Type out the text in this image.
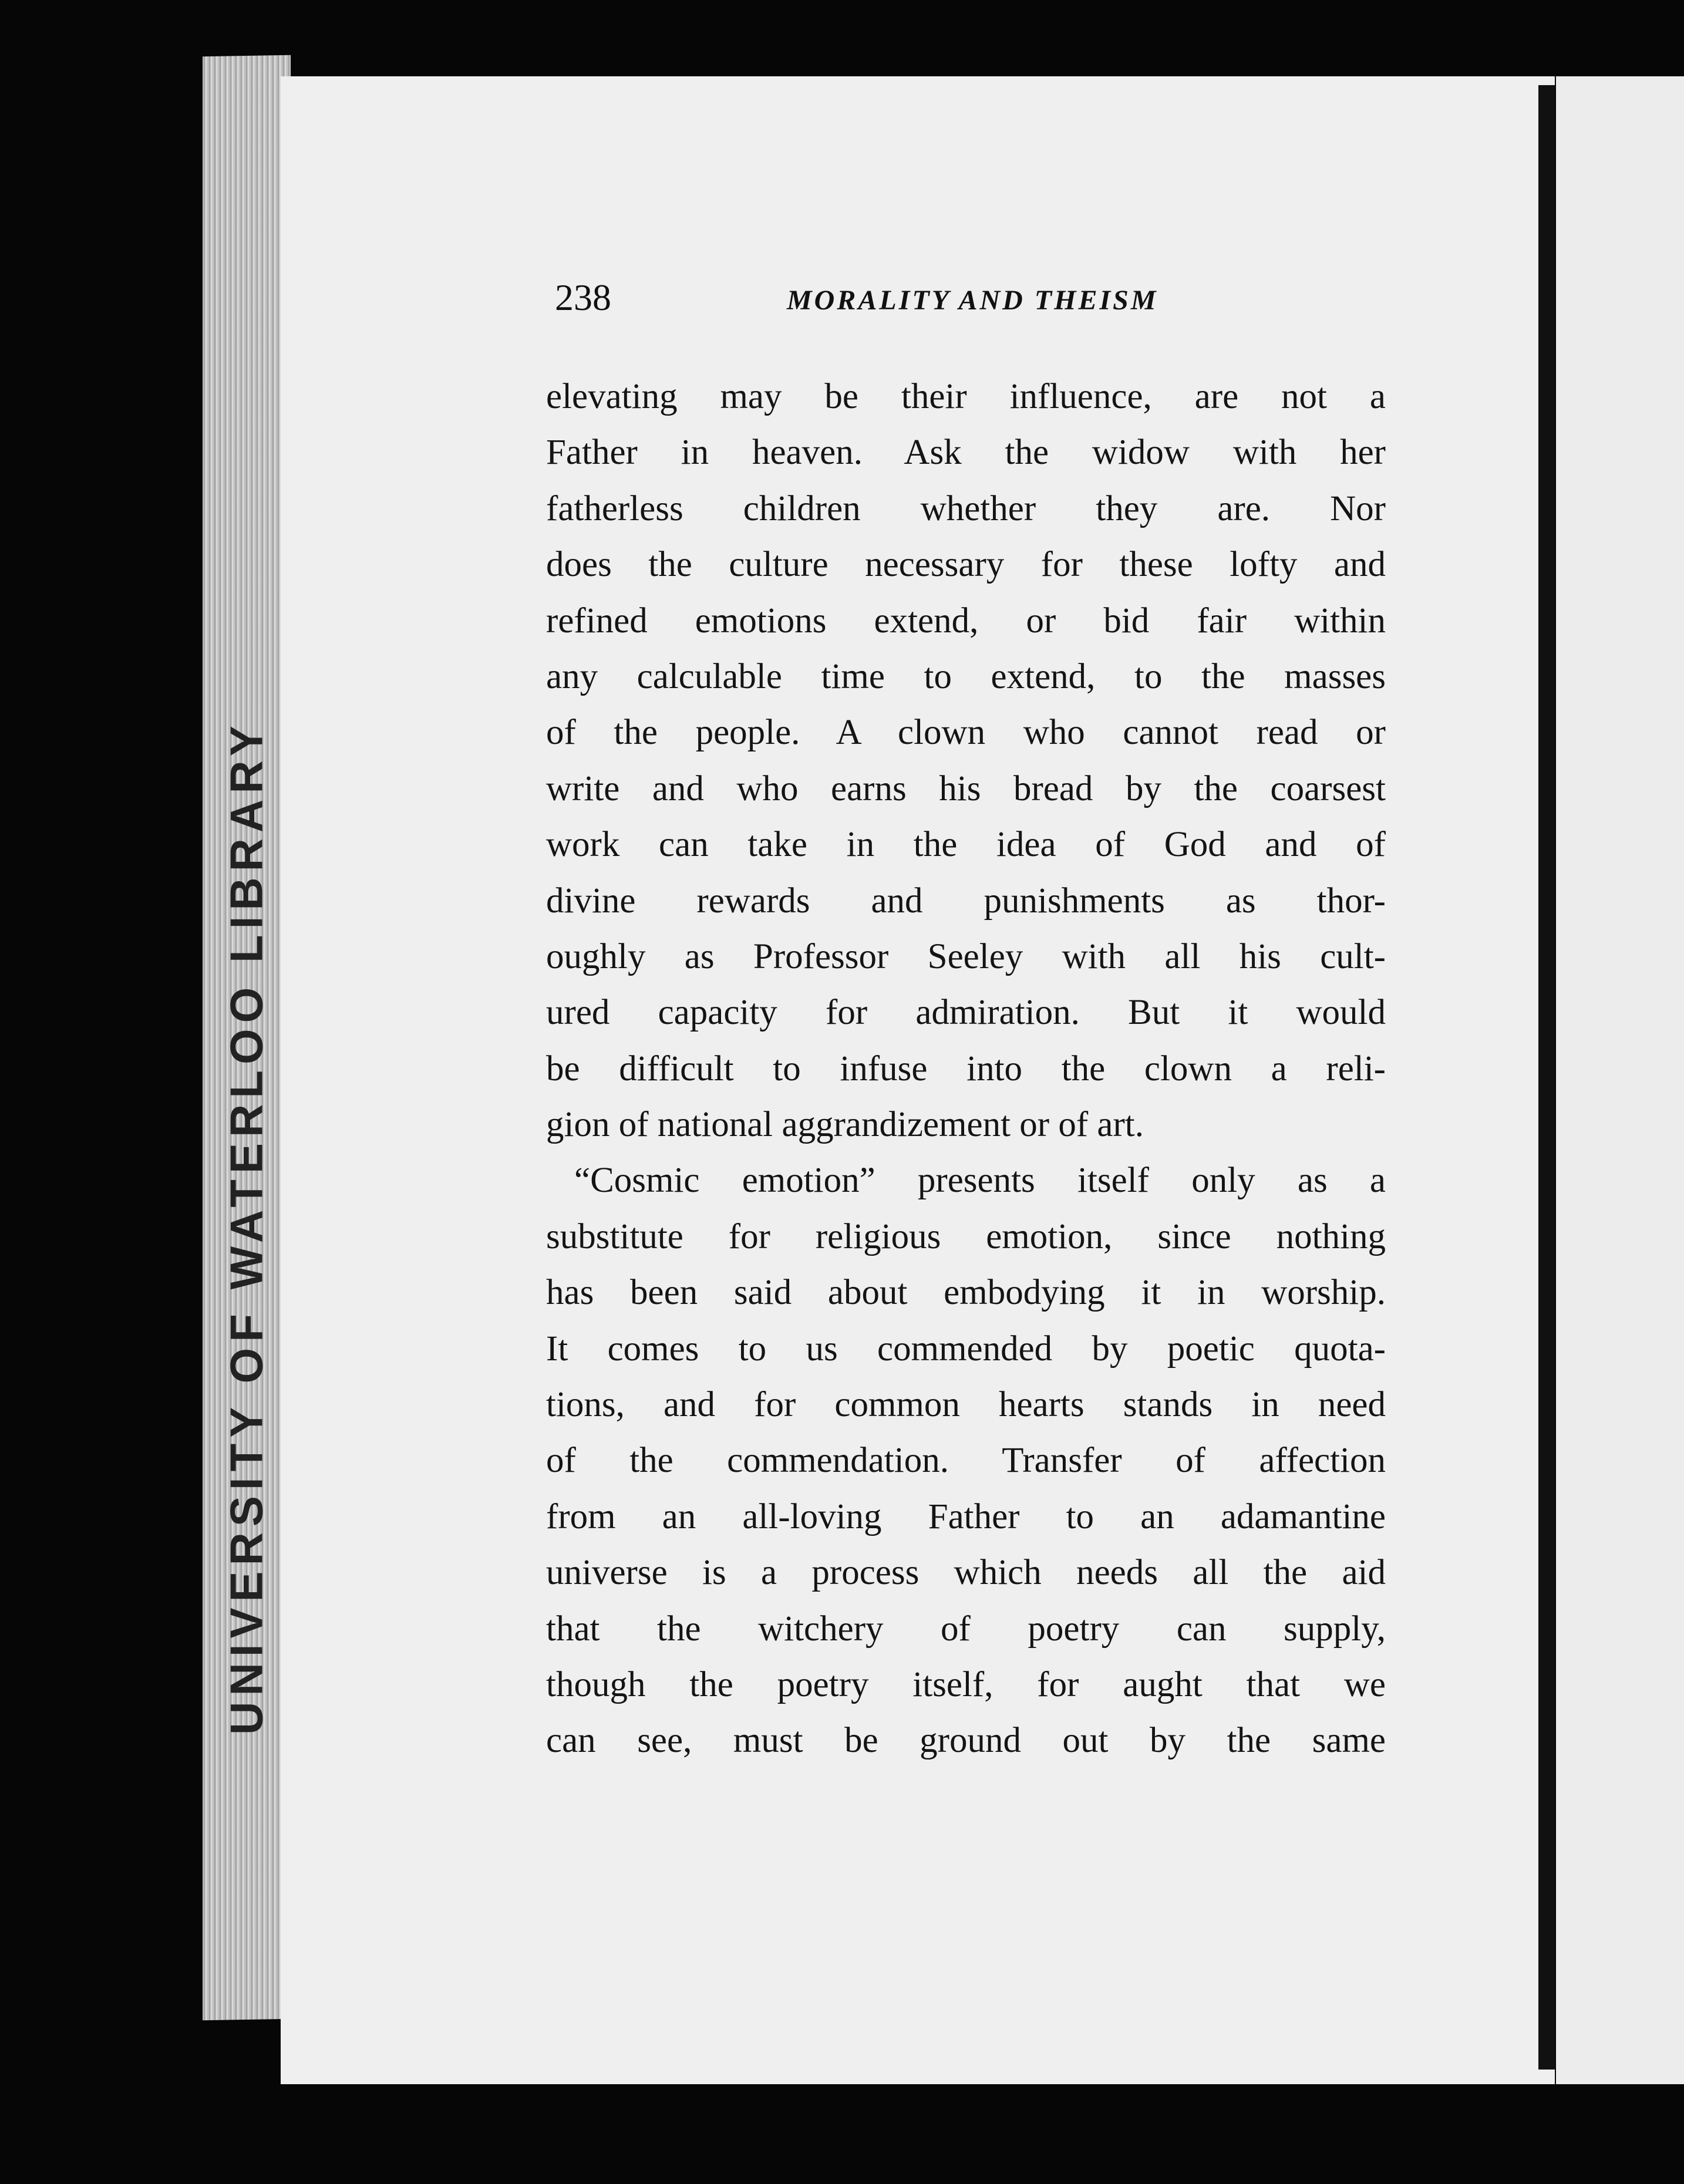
UNIVERSITY OF WATERLOO LIBRARY
238	MORALITY AND THEISM
elevating may be their influence, are not a
Father in heaven. Ask the widow with her
fatherless children whether they are. Nor
does the culture necessary for these lofty and
refined emotions extend, or bid fair within
any calculable time to extend, to the masses
of the people. A clown who cannot read or
write and who earns his bread by the coarsest
work can take in the idea of God and of
divine rewards and punishments as thor-
oughly as Professor Seeley with all his cult-
ured capacity for admiration. But it would
be difficult to infuse into the clown a reli-
gion of national aggrandizement or of art.
“Cosmic emotion” presents itself only as a
substitute for religious emotion, since nothing
has been said about embodying it in worship.
It comes to us commended by poetic quota-
tions, and for common hearts stands in need
of the commendation. Transfer of affection
from an all-loving Father to an adamantine
universe is a process which needs all the aid
that the witchery of poetry can supply,
though the poetry itself, for aught that we
can see, must be ground out by the same
